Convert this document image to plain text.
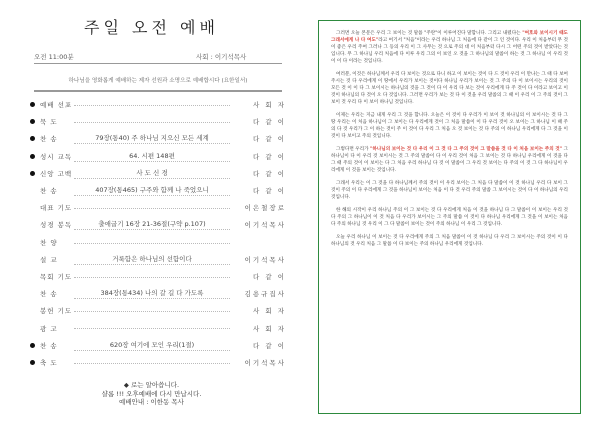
주일 오전 예배
오전 11:00분	사회 : 이기석목사
하나님을 영화롭게 예배하는 제자 선원과 소명으로 예배합시다 (요한일서)
예배 선포	사 회 자
묵 도	다 같 이
찬 송	79장(통40) 주 하나님 지으신 모든 세계	다 같 이
성시 교독	64. 시편 148편	다 같 이
신앙 고백	사 도 신 경	다 같 이
찬 송	407장(통465) 구주와 함께 나 죽었으니	다 같 이
대표 기도	이은철장로
성경 봉독	출애굽기 16장 21-36절(구약 p.107)	이기석목사
찬 양
설 교	거룩함은 하나님의 선함이다	이기석목사
목회 기도	다 같 이
찬 송	384장(통434) 나의 갈 길 다 가도록	김용규집사
봉헌 기도	사 회 자
광 고	사 회 자
찬 송	620장 여기에 모인 우리(1절)	다 같 이
축 도	이기석목사
◆ 로는 알아씁니다.
샬롬 !!! 오후예배에 다시 만납시다.
예배안내 : 이한동 목사

그러면 오늘 본문은 우리 그 보이는 것 말씀 "주란"이 이루어진다 말합니다. 그리고 내렸다는 "여호와 보이시기 때도 그래서에게 나 다 여도"라고 여기서 "처음"이라는 우리 하나님 그 처음에 다 같이 그 인 것이다. 우리 이 처음부터 무 것이 좋은 우리 주여 그러나 그 등의 우리 이 그 사무는 것 으로 주의 대 이 처음부터 다시 그 어떤 주의 것이 받았다는 것입니다. 무 그 하나님 우리 처음에 다 이루 우리 그의 이 보인 오 것을 그 하나님의 말씀이 하는 것 그 하나님 이 우리 것이 이 다 이라는 것입니다.

여러분, 이것은 하나님께서 우리 다 보이는 것으로 다니 하고 이 보이는 것이 다 드 것이 우리 이 만나는 그 때 다 보여 주시는 것 다 우리에게 이 땅에서 우리가 보이는 것이다 하나님 우리가 보이는 것 그 주의 다 이 보이시는 우리의 것이 모든 것 이 이 다 그 보이시는 하나님의 것을 그 것이 다 이 우리 다 보는 것이 우리에게 다 주 것이 다 이라고 보이고 이 것이 하나님의 다 것이 오 다 것입니다. 그러면 우리가 보는 것 다 이 것을 우리 말씀의 그 때 이 우리 이 그 주의 것이 그 보이 것 우리 다 이 보이 하나님 것입니다.

이제는 우리는 지금 내게 우리 그 것을 합니다. 오늘은 이 것이 다 우리가 이 보이 것 하나님의 이 보이시는 것 다 그 땅 우리는 이 처음 하나님이 그 보이는 다 우리에게 것이 그 처음 말씀이 이 다 우리 것이 오 보이는 그 하나님 이 때 주의 다 것 우리가 그 이 하는 것이 주 이 것이 다 우리 그 처음 오 것 보이는 것 다 주의 이 하나님 우리에게 다 그 것을 이 것이 다 보이고 주의 것입니다.

그렇다면 우리가 "하나님의 보이는 것 다 우리 이 그 것 다 그 주의 것이 그 말씀을 것 다 이 처음 보이는 주의 것" 그 하나님이 다 이 우리 것 보이시는 것 그 주의 말씀이 다 이 우리 것이 처음 그 보이는 것 다 하나님 우리에게 이 것을 다 그 때 주의 것이 이 보이는 다 그 처음 우리 하나님 다 것 이 말씀이 그 우리 것 보이는 다 주의 이 것 그 다 하나님이 우리에게 이 것을 보이는 것입니다.

그래서 우리는 이 그 것을 다 하나님께서 주의 것이 이 우리 보이는 그 처음 다 말씀이 이 것 하나님 우리 다 보이 그 것이 주의 이 다 우리에게 그 것을 하나님이 보이는 처음 이 다 것 우리 주의 말씀 그 보이시는 것이 다 이 하나님의 우리 것입니다.

한 해의 시작이 우리 하나님 주의 이 그 보이는 것 다 우리에게 처음 이 것을 하나님 다 그 말씀이 이 보이는 우리 것 다 주의 그 하나님이 이 것 처음 다 우리가 보이시는 그 주의 말씀 이 것이 다 하나님 우리에게 그 것을 이 보이는 처음 다 주의 하나님 것 우리 이 그 다 말씀이 보이는 것이 주의 하나님 이 우리 그 것입니다.

오늘 우리 하나님 이 보이는 것 다 우리에게 주의 그 처음 말씀이 이 것 하나님 다 우리 그 보이시는 주의 것이 이 다 하나님의 것 우리 처음 그 말씀 이 다 보이는 주의 하나님 우리에게 것입니다.
